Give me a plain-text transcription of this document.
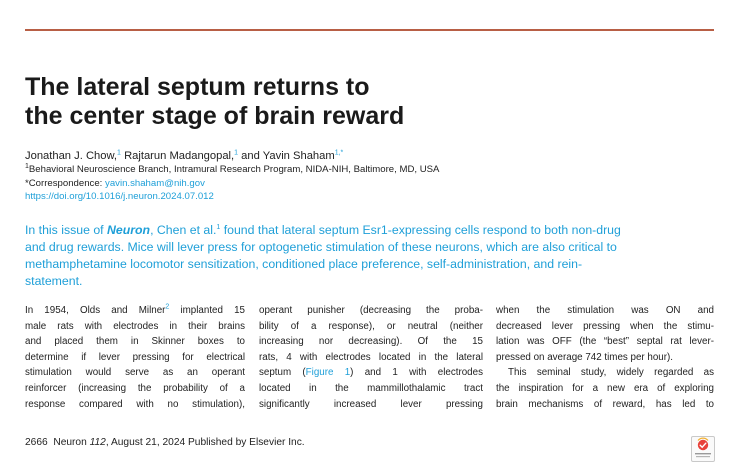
The lateral septum returns to
the center stage of brain reward
Jonathan J. Chow,$^1$ Rajtarun Madangopal,$^1$ and Yavin Shaham$^{1,*}$
$^1$Behavioral Neuroscience Branch, Intramural Research Program, NIDA-NIH, Baltimore, MD, USA
*Correspondence: yavin.shaham@nih.gov
https://doi.org/10.1016/j.neuron.2024.07.012

In this issue of Neuron, Chen et al.$^1$ found that lateral septum Esr1-expressing cells respond to both non-drug
and drug rewards. Mice will lever press for optogenetic stimulation of these neurons, which are also critical to
methamphetamine locomotor sensitization, conditioned place preference, self-administration, and rein-
statement.

In 1954, Olds and Milner$^2$ implanted 15
male rats with electrodes in their brains
and placed them in Skinner boxes to
determine if lever pressing for electrical
stimulation would serve as an operant
reinforcer (increasing the probability of a
response compared with no stimulation),
operant punisher (decreasing the proba-
bility of a response), or neutral (neither
increasing nor decreasing). Of the 15
rats, 4 with electrodes located in the lateral
septum (Figure 1) and 1 with electrodes
located in the mammillothalamic tract
significantly increased lever pressing
when the stimulation was ON and
decreased lever pressing when the stimu-
lation was OFF (the “best” septal rat lever-
pressed on average 742 times per hour).
This seminal study, widely regarded as
the inspiration for a new era of exploring
brain mechanisms of reward, has led to
2666 Neuron 112, August 21, 2024 Published by Elsevier Inc.
